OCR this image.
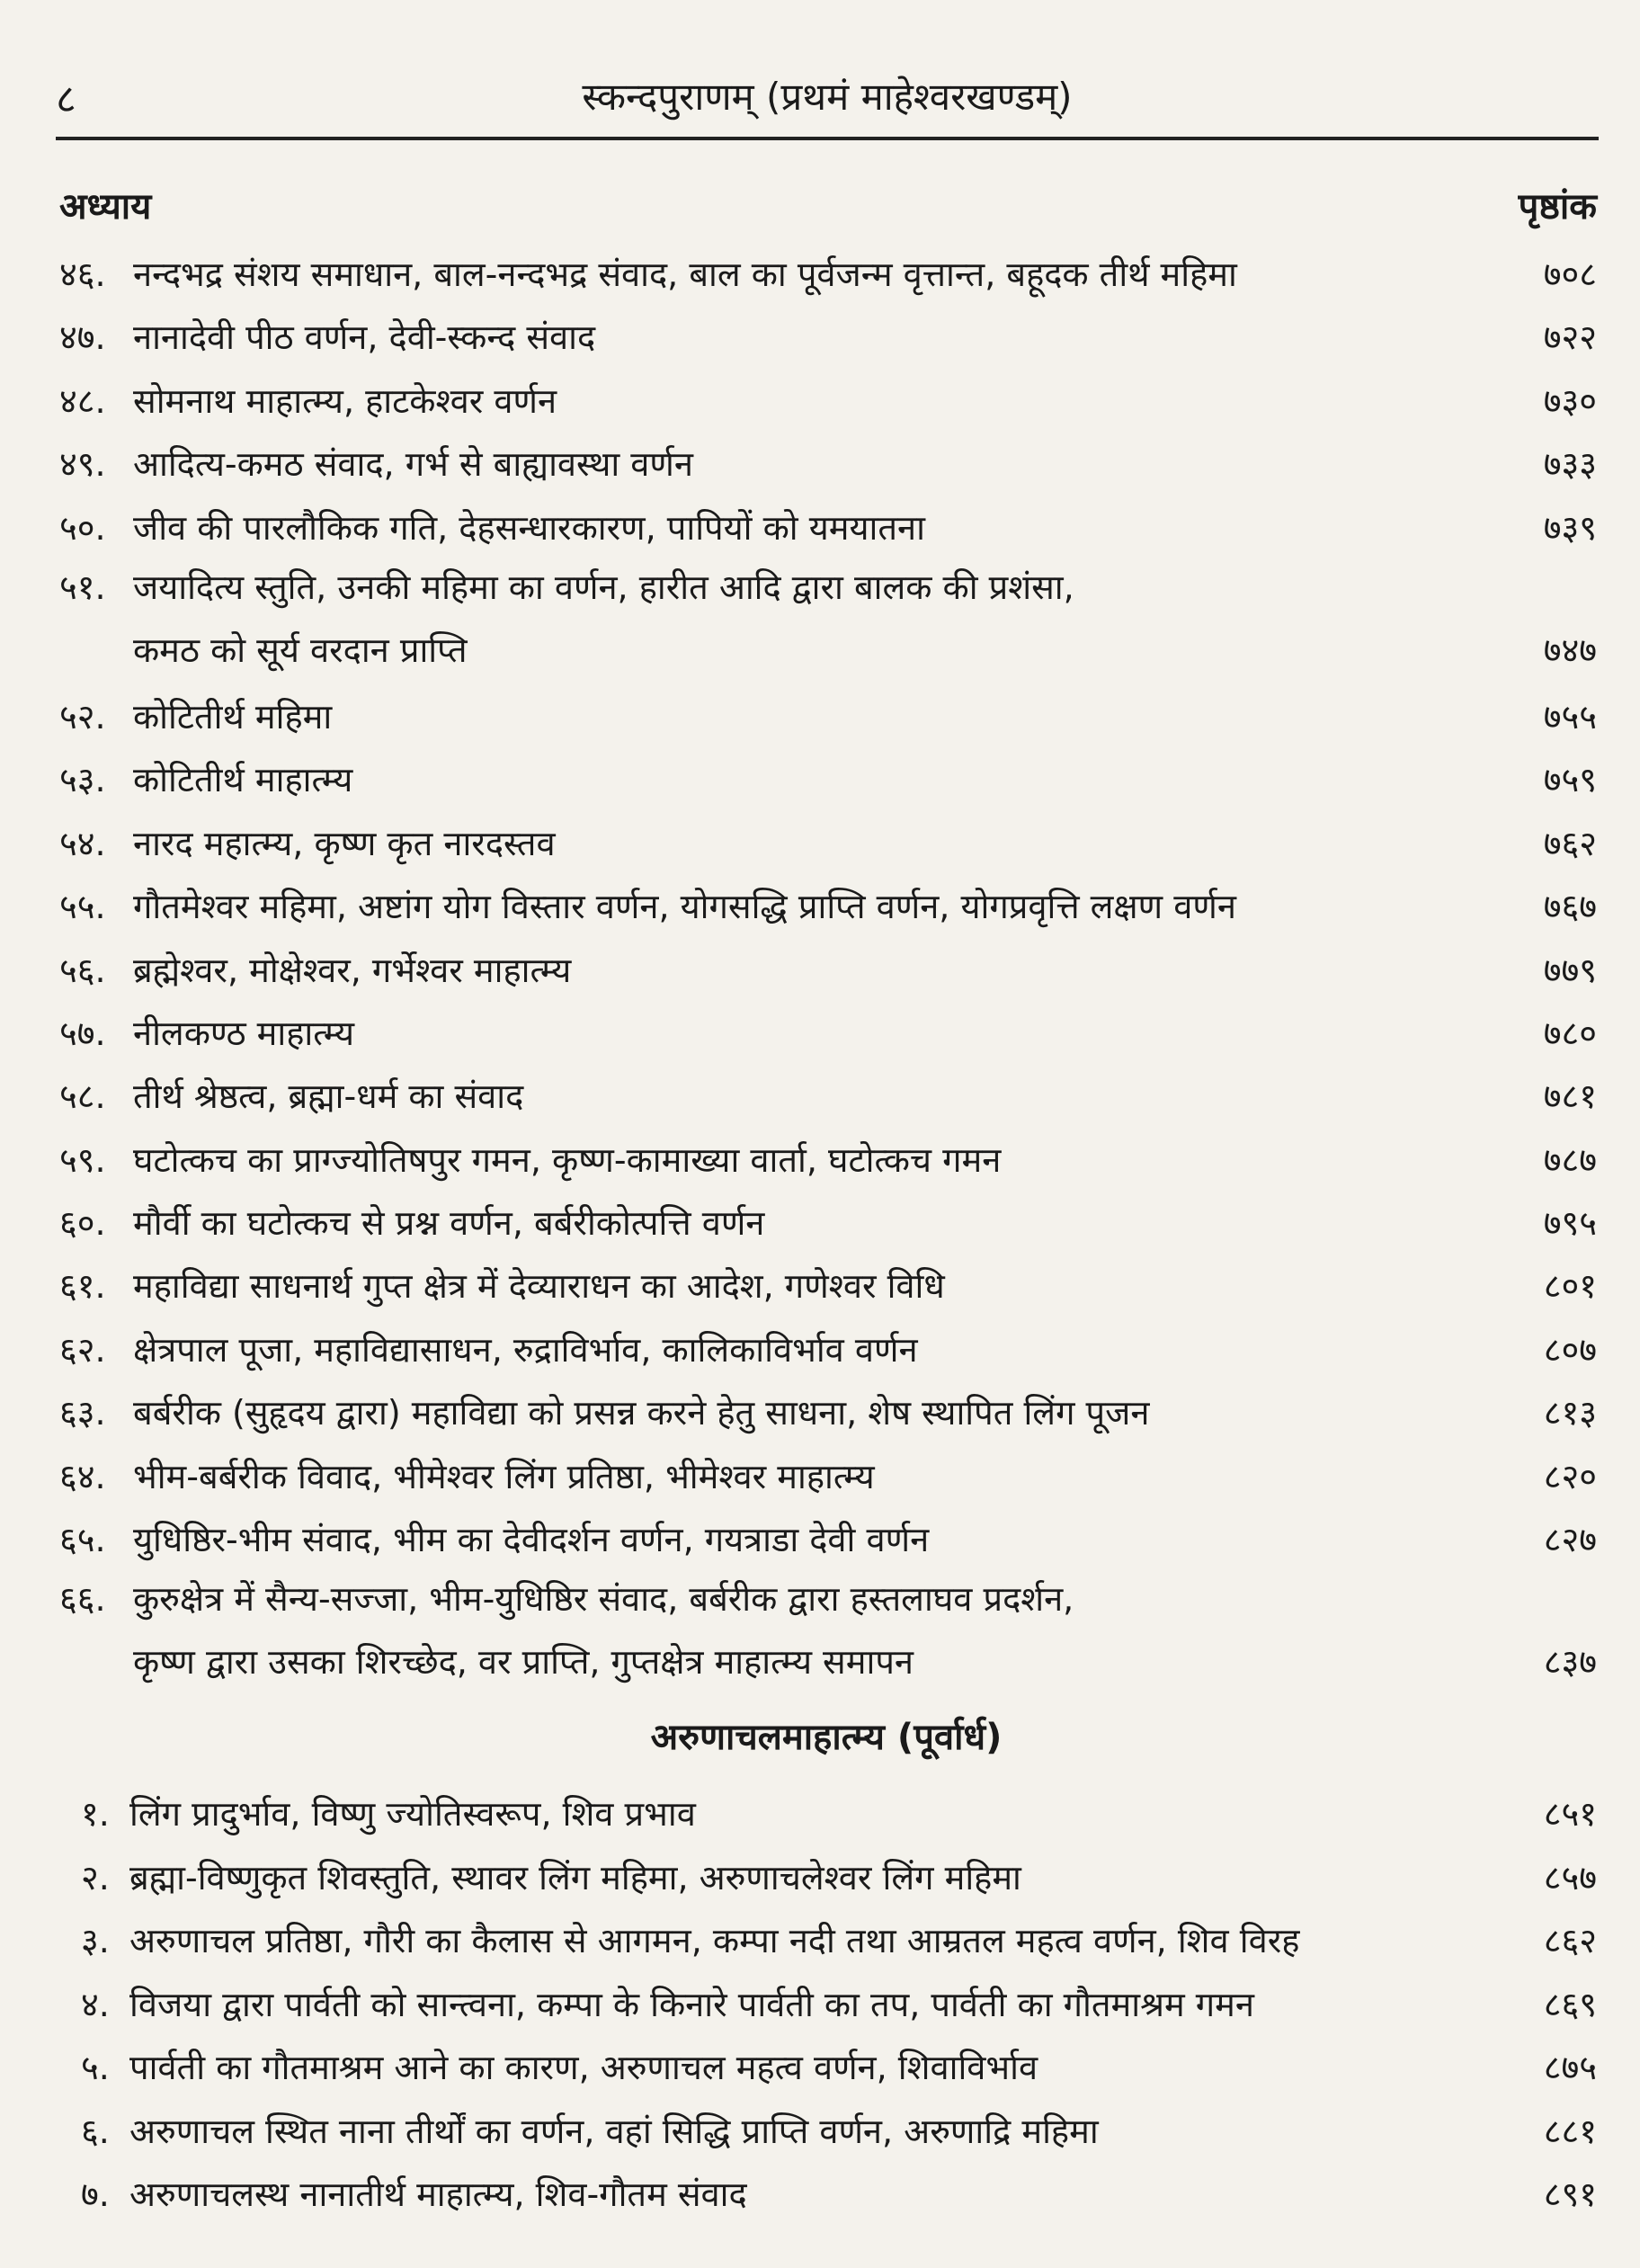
८	स्कन्दपुराणम् (प्रथमं माहेश्वरखण्डम्)
अध्याय	पृष्ठांक
४६. नन्दभद्र संशय समाधान, बाल-नन्दभद्र संवाद, बाल का पूर्वजन्म वृत्तान्त, बहूदक तीर्थ महिमा	७०८
४७. नानादेवी पीठ वर्णन, देवी-स्कन्द संवाद	७२२
४८. सोमनाथ माहात्म्य, हाटकेश्वर वर्णन	७३०
४९. आदित्य-कमठ संवाद, गर्भ से बाह्यावस्था वर्णन	७३३
५०. जीव की पारलौकिक गति, देहसन्धारकारण, पापियों को यमयातना	७३९
५१. जयादित्य स्तुति, उनकी महिमा का वर्णन, हारीत आदि द्वारा बालक की प्रशंसा,
कमठ को सूर्य वरदान प्राप्ति	७४७
५२. कोटितीर्थ महिमा	७५५
५३. कोटितीर्थ माहात्म्य	७५९
५४. नारद महात्म्य, कृष्ण कृत नारदस्तव	७६२
५५. गौतमेश्वर महिमा, अष्टांग योग विस्तार वर्णन, योगसद्धि प्राप्ति वर्णन, योगप्रवृत्ति लक्षण वर्णन	७६७
५६. ब्रह्मेश्वर, मोक्षेश्वर, गर्भेश्वर माहात्म्य	७७९
५७. नीलकण्ठ माहात्म्य	७८०
५८. तीर्थ श्रेष्ठत्व, ब्रह्मा-धर्म का संवाद	७८१
५९. घटोत्कच का प्राग्ज्योतिषपुर गमन, कृष्ण-कामाख्या वार्ता, घटोत्कच गमन	७८७
६०. मौर्वी का घटोत्कच से प्रश्न वर्णन, बर्बरीकोत्पत्ति वर्णन	७९५
६१. महाविद्या साधनार्थ गुप्त क्षेत्र में देव्याराधन का आदेश, गणेश्वर विधि	८०१
६२. क्षेत्रपाल पूजा, महाविद्यासाधन, रुद्राविर्भाव, कालिकाविर्भाव वर्णन	८०७
६३. बर्बरीक (सुहृदय द्वारा) महाविद्या को प्रसन्न करने हेतु साधना, शेष स्थापित लिंग पूजन	८१३
६४. भीम-बर्बरीक विवाद, भीमेश्वर लिंग प्रतिष्ठा, भीमेश्वर माहात्म्य	८२०
६५. युधिष्ठिर-भीम संवाद, भीम का देवीदर्शन वर्णन, गयत्राडा देवी वर्णन	८२७
६६. कुरुक्षेत्र में सैन्य-सज्जा, भीम-युधिष्ठिर संवाद, बर्बरीक द्वारा हस्तलाघव प्रदर्शन,
कृष्ण द्वारा उसका शिरच्छेद, वर प्राप्ति, गुप्तक्षेत्र माहात्म्य समापन	८३७
अरुणाचलमाहात्म्य (पूर्वार्ध)
१. लिंग प्रादुर्भाव, विष्णु ज्योतिस्वरूप, शिव प्रभाव	८५१
२. ब्रह्मा-विष्णुकृत शिवस्तुति, स्थावर लिंग महिमा, अरुणाचलेश्वर लिंग महिमा	८५७
३. अरुणाचल प्रतिष्ठा, गौरी का कैलास से आगमन, कम्पा नदी तथा आम्रतल महत्व वर्णन, शिव विरह	८६२
४. विजया द्वारा पार्वती को सान्त्वना, कम्पा के किनारे पार्वती का तप, पार्वती का गौतमाश्रम गमन	८६९
५. पार्वती का गौतमाश्रम आने का कारण, अरुणाचल महत्व वर्णन, शिवाविर्भाव	८७५
६. अरुणाचल स्थित नाना तीर्थों का वर्णन, वहां सिद्धि प्राप्ति वर्णन, अरुणाद्रि महिमा	८८१
७. अरुणाचलस्थ नानातीर्थ माहात्म्य, शिव-गौतम संवाद	८९१
